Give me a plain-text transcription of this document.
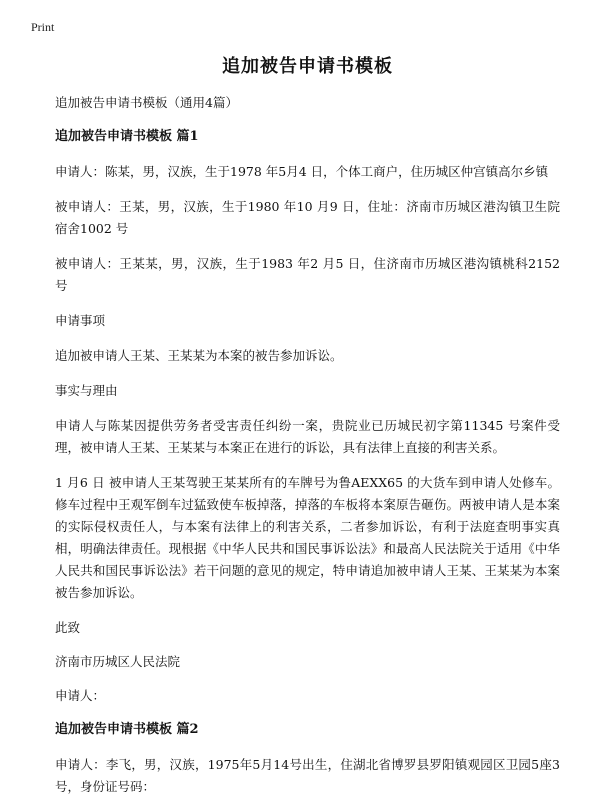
Print
追加被告申请书模板
追加被告申请书模板（通用4篇）
追加被告申请书模板 篇1
申请人：陈某，男，汉族，生于1978 年5月4 日，个体工商户，住历城区仲宫镇高尔乡镇
被申请人：王某，男，汉族，生于1980 年10 月9 日，住址：济南市历城区港沟镇卫生院宿舍1002 号
被申请人：王某某，男，汉族，生于1983 年2 月5 日，住济南市历城区港沟镇桃科2152 号
申请事项
追加被申请人王某、王某某为本案的被告参加诉讼。
事实与理由
申请人与陈某因提供劳务者受害责任纠纷一案，贵院业已历城民初字第11345 号案件受理，被申请人王某、王某某与本案正在进行的诉讼，具有法律上直接的利害关系。
1 月6 日 被申请人王某驾驶王某某所有的车牌号为鲁AEXX65 的大货车到申请人处修车。修车过程中王观军倒车过猛致使车板掉落，掉落的车板将本案原告砸伤。两被申请人是本案的实际侵权责任人，与本案有法律上的利害关系，二者参加诉讼，有利于法庭查明事实真相，明确法律责任。现根据《中华人民共和国民事诉讼法》和最高人民法院关于适用《中华人民共和国民事诉讼法》若干问题的意见的规定，特申请追加被申请人王某、王某某为本案被告参加诉讼。
此致
济南市历城区人民法院
申请人：
追加被告申请书模板 篇2
申请人：李飞，男，汉族，1975年5月14号出生，住湖北省博罗县罗阳镇观园区卫园5座3号，身份证号码：
